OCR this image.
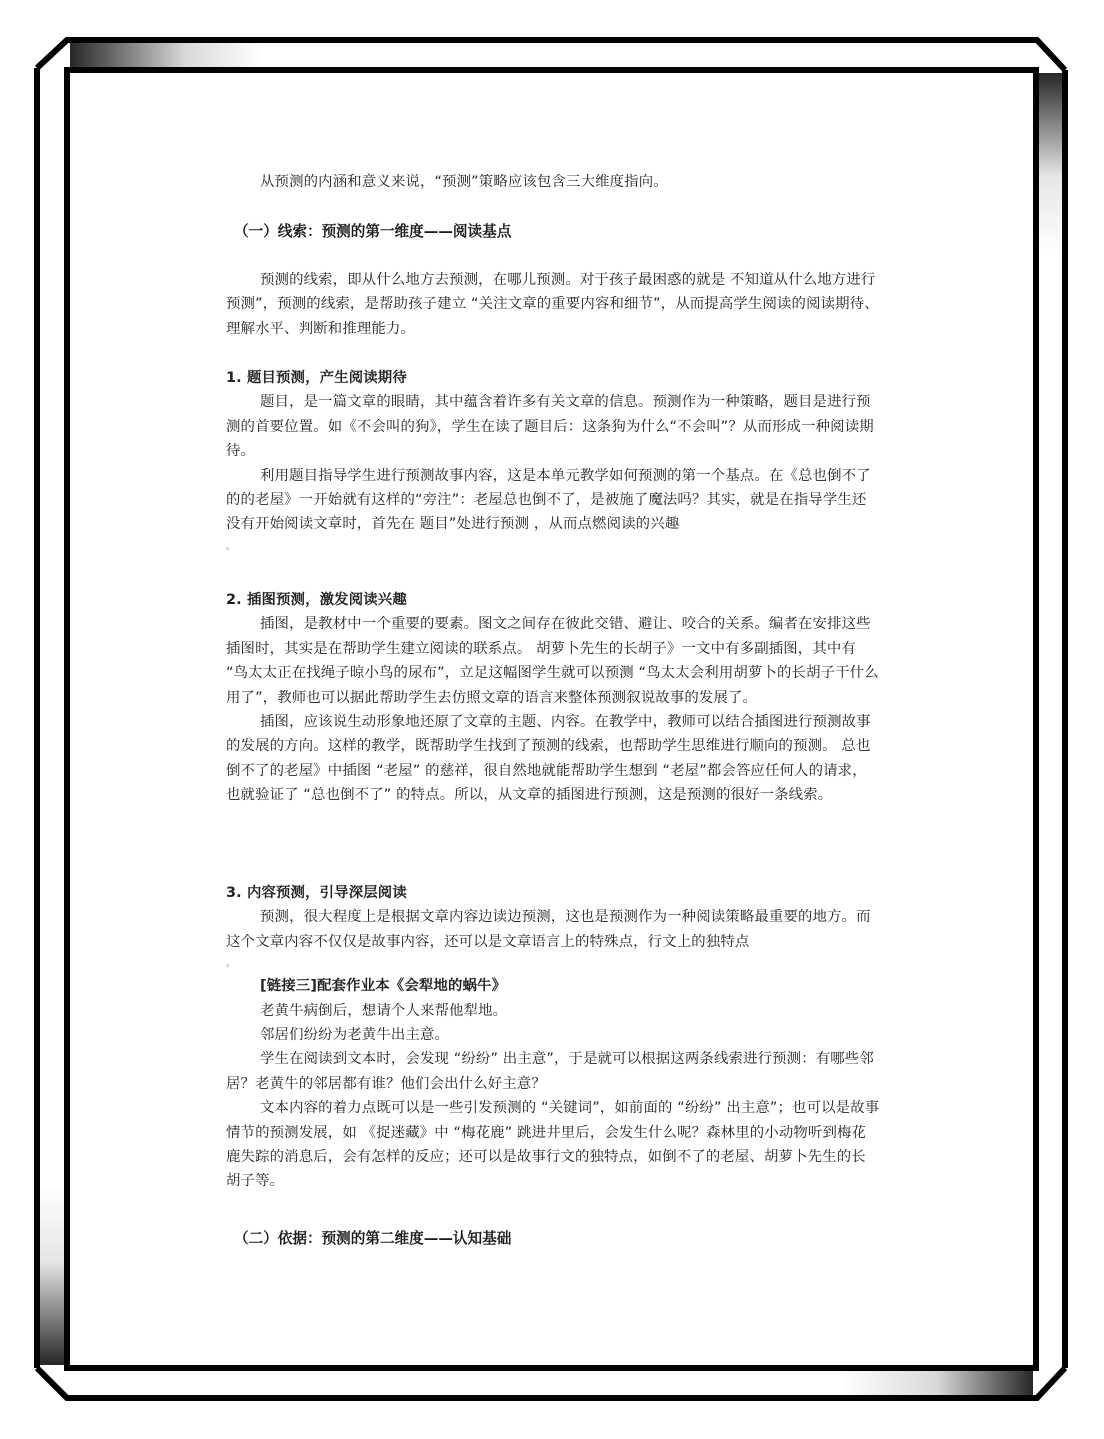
从预测的内涵和意义来说，“预测”策略应该包含三大维度指向。

（一）线索：预测的第一维度——阅读基点

预测的线索，即从什么地方去预测，在哪儿预测。对于孩子最困惑的就是 不知道从什么地方进行预测”，预测的线索，是帮助孩子建立 “关注文章的重要内容和细节”，从而提高学生阅读的阅读期待、理解水平、判断和推理能力。

1. 题目预测，产生阅读期待

题目，是一篇文章的眼睛，其中蕴含着许多有关文章的信息。预测作为一种策略，题目是进行预测的首要位置。如《不会叫的狗》，学生在读了题目后：这条狗为什么“不会叫”？从而形成一种阅读期待。

利用题目指导学生进行预测故事内容，这是本单元教学如何预测的第一个基点。在《总也倒不了的的老屋》一开始就有这样的“旁注”：老屋总也倒不了，是被施了魔法吗？其实，就是在指导学生还没有开始阅读文章时，首先在 题目”处进行预测 ，从而点燃阅读的兴趣

。

2. 插图预测，激发阅读兴趣

插图，是教材中一个重要的要素。图文之间存在彼此交错、避让、咬合的关系。编者在安排这些插图时，其实是在帮助学生建立阅读的联系点。 胡萝卜先生的长胡子》一文中有多副插图，其中有 “鸟太太正在找绳子晾小鸟的尿布”，立足这幅图学生就可以预测 “鸟太太会利用胡萝卜的长胡子干什么用了”，教师也可以据此帮助学生去仿照文章的语言来整体预测叙说故事的发展了。

插图，应该说生动形象地还原了文章的主题、内容。在教学中，教师可以结合插图进行预测故事的发展的方向。这样的教学，既帮助学生找到了预测的线索，也帮助学生思维进行顺向的预测。 总也倒不了的老屋》中插图 “老屋” 的慈祥，很自然地就能帮助学生想到 “老屋”都会答应任何人的请求，也就验证了 “总也倒不了” 的特点。所以，从文章的插图进行预测，这是预测的很好一条线索。

3. 内容预测，引导深层阅读

预测，很大程度上是根据文章内容边读边预测，这也是预测作为一种阅读策略最重要的地方。而这个文章内容不仅仅是故事内容，还可以是文章语言上的特殊点，行文上的独特点

。

[链接三]配套作业本《会犁地的蜗牛》

老黄牛病倒后，想请个人来帮他犁地。

邻居们纷纷为老黄牛出主意。

学生在阅读到文本时，会发现 “纷纷” 出主意”，于是就可以根据这两条线索进行预测：有哪些邻居？老黄牛的邻居都有谁？他们会出什么好主意？

文本内容的着力点既可以是一些引发预测的 “关键词”，如前面的 “纷纷” 出主意”；也可以是故事情节的预测发展，如 《捉迷藏》中 “梅花鹿” 跳进井里后，会发生什么呢？森林里的小动物听到梅花鹿失踪的消息后，会有怎样的反应；还可以是故事行文的独特点，如倒不了的老屋、胡萝卜先生的长胡子等。

（二）依据：预测的第二维度——认知基础
